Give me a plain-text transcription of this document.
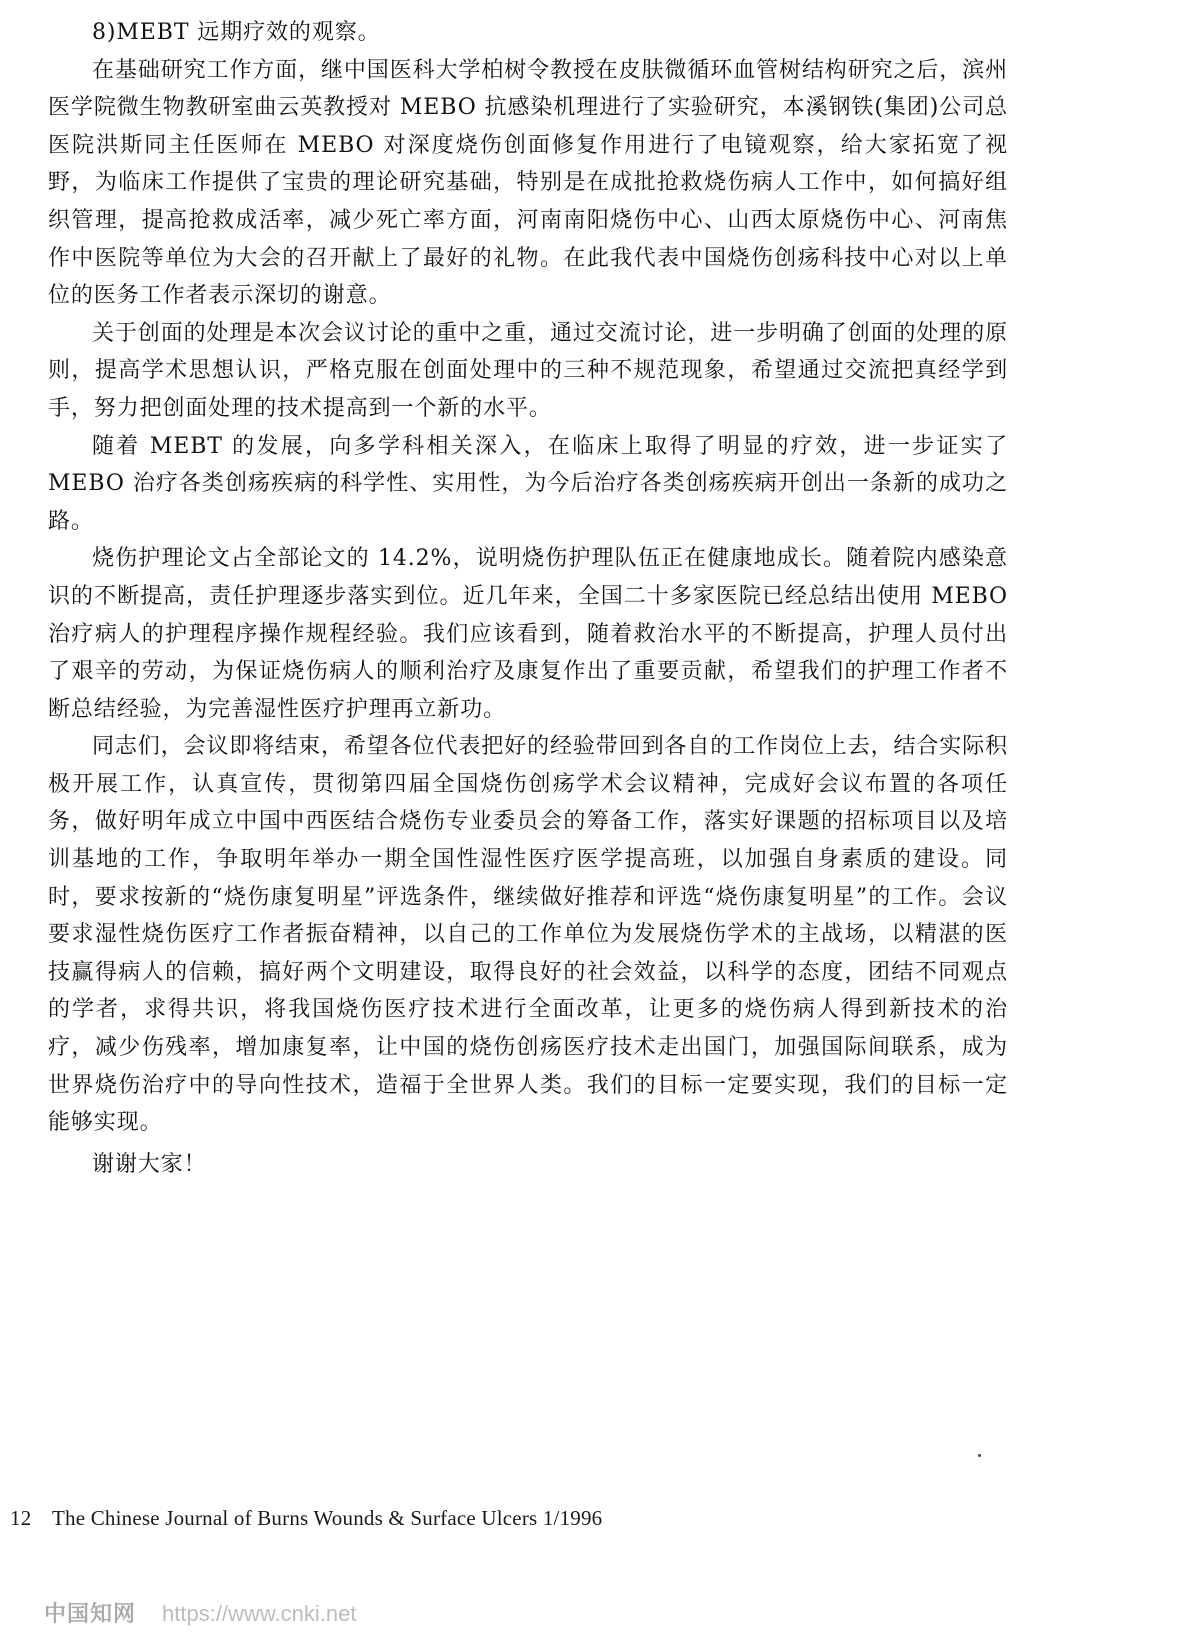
8)MEBT 远期疗效的观察。

在基础研究工作方面，继中国医科大学柏树令教授在皮肤微循环血管树结构研究之后，滨州医学院微生物教研室曲云英教授对 MEBO 抗感染机理进行了实验研究，本溪钢铁(集团)公司总医院洪斯同主任医师在 MEBO 对深度烧伤创面修复作用进行了电镜观察，给大家拓宽了视野，为临床工作提供了宝贵的理论研究基础，特别是在成批抢救烧伤病人工作中，如何搞好组织管理，提高抢救成活率，减少死亡率方面，河南南阳烧伤中心、山西太原烧伤中心、河南焦作中医院等单位为大会的召开献上了最好的礼物。在此我代表中国烧伤创疡科技中心对以上单位的医务工作者表示深切的谢意。

关于创面的处理是本次会议讨论的重中之重，通过交流讨论，进一步明确了创面的处理的原则，提高学术思想认识，严格克服在创面处理中的三种不规范现象，希望通过交流把真经学到手，努力把创面处理的技术提高到一个新的水平。

随着 MEBT 的发展，向多学科相关深入，在临床上取得了明显的疗效，进一步证实了 MEBO 治疗各类创疡疾病的科学性、实用性，为今后治疗各类创疡疾病开创出一条新的成功之路。

烧伤护理论文占全部论文的 14.2%，说明烧伤护理队伍正在健康地成长。随着院内感染意识的不断提高，责任护理逐步落实到位。近几年来，全国二十多家医院已经总结出使用 MEBO 治疗病人的护理程序操作规程经验。我们应该看到，随着救治水平的不断提高，护理人员付出了艰辛的劳动，为保证烧伤病人的顺利治疗及康复作出了重要贡献，希望我们的护理工作者不断总结经验，为完善湿性医疗护理再立新功。

同志们，会议即将结束，希望各位代表把好的经验带回到各自的工作岗位上去，结合实际积极开展工作，认真宣传，贯彻第四届全国烧伤创疡学术会议精神，完成好会议布置的各项任务，做好明年成立中国中西医结合烧伤专业委员会的筹备工作，落实好课题的招标项目以及培训基地的工作，争取明年举办一期全国性湿性医疗医学提高班，以加强自身素质的建设。同时，要求按新的“烧伤康复明星”评选条件，继续做好推荐和评选“烧伤康复明星”的工作。会议要求湿性烧伤医疗工作者振奋精神，以自己的工作单位为发展烧伤学术的主战场，以精湛的医技赢得病人的信赖，搞好两个文明建设，取得良好的社会效益，以科学的态度，团结不同观点的学者，求得共识，将我国烧伤医疗技术进行全面改革，让更多的烧伤病人得到新技术的治疗，减少伤残率，增加康复率，让中国的烧伤创疡医疗技术走出国门，加强国际间联系，成为世界烧伤治疗中的导向性技术，造福于全世界人类。我们的目标一定要实现，我们的目标一定能够实现。

谢谢大家！

12 The Chinese Journal of Burns Wounds & Surface Ulcers 1/1996
中国知网 https://www.cnki.net
